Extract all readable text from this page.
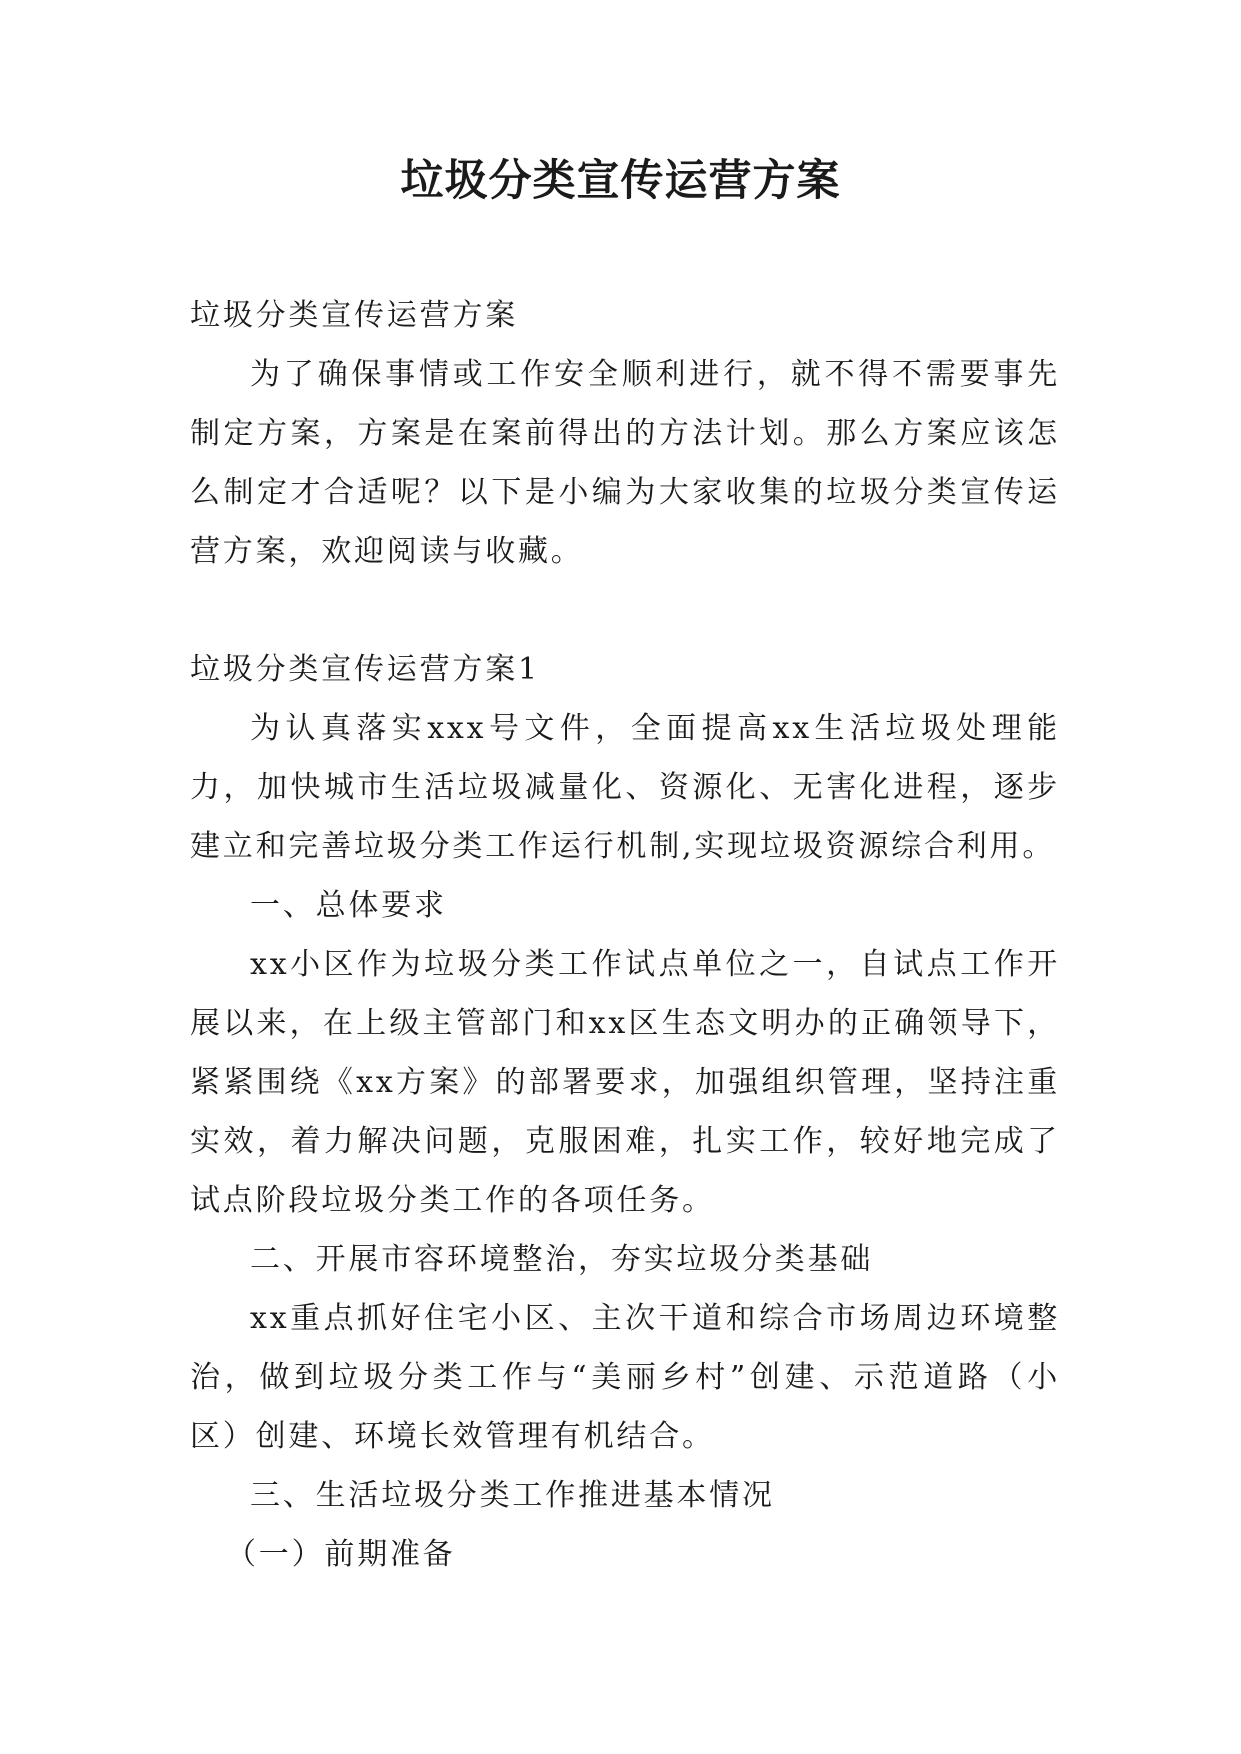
垃圾分类宣传运营方案

垃圾分类宣传运营方案

为了确保事情或工作安全顺利进行，就不得不需要事先制定方案，方案是在案前得出的方法计划。那么方案应该怎么制定才合适呢？以下是小编为大家收集的垃圾分类宣传运营方案，欢迎阅读与收藏。

垃圾分类宣传运营方案1

为认真落实xxx号文件，全面提高xx生活垃圾处理能力，加快城市生活垃圾减量化、资源化、无害化进程，逐步建立和完善垃圾分类工作运行机制,实现垃圾资源综合利用。

一、总体要求

xx小区作为垃圾分类工作试点单位之一，自试点工作开展以来，在上级主管部门和xx区生态文明办的正确领导下，紧紧围绕《xx方案》的部署要求，加强组织管理，坚持注重实效，着力解决问题，克服困难，扎实工作，较好地完成了试点阶段垃圾分类工作的各项任务。

二、开展市容环境整治，夯实垃圾分类基础

xx重点抓好住宅小区、主次干道和综合市场周边环境整治，做到垃圾分类工作与“美丽乡村”创建、示范道路（小区）创建、环境长效管理有机结合。

三、生活垃圾分类工作推进基本情况

（一）前期准备
